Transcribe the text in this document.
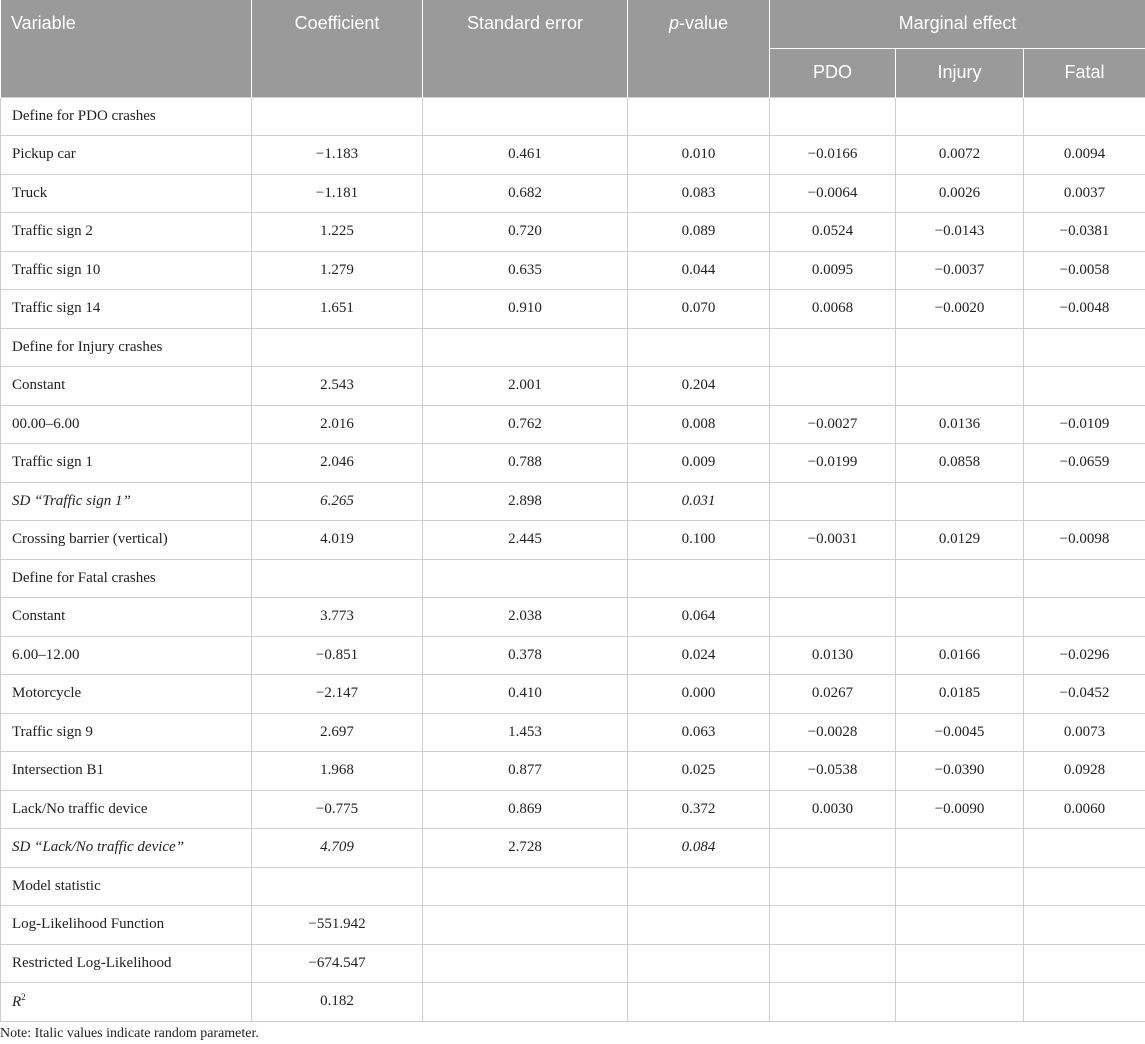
Variable	Coefficient	Standard error	p-value	Marginal effect		
				PDO	Injury	Fatal
Define for PDO crashes						
Pickup car	−1.183	0.461	0.010	−0.0166	0.0072	0.0094
Truck	−1.181	0.682	0.083	−0.0064	0.0026	0.0037
Traffic sign 2	1.225	0.720	0.089	0.0524	−0.0143	−0.0381
Traffic sign 10	1.279	0.635	0.044	0.0095	−0.0037	−0.0058
Traffic sign 14	1.651	0.910	0.070	0.0068	−0.0020	−0.0048
Define for Injury crashes						
Constant	2.543	2.001	0.204			
00.00–6.00	2.016	0.762	0.008	−0.0027	0.0136	−0.0109
Traffic sign 1	2.046	0.788	0.009	−0.0199	0.0858	−0.0659
SD “Traffic sign 1”	6.265	2.898	0.031			
Crossing barrier (vertical)	4.019	2.445	0.100	−0.0031	0.0129	−0.0098
Define for Fatal crashes						
Constant	3.773	2.038	0.064			
6.00–12.00	−0.851	0.378	0.024	0.0130	0.0166	−0.0296
Motorcycle	−2.147	0.410	0.000	0.0267	0.0185	−0.0452
Traffic sign 9	2.697	1.453	0.063	−0.0028	−0.0045	0.0073
Intersection B1	1.968	0.877	0.025	−0.0538	−0.0390	0.0928
Lack/No traffic device	−0.775	0.869	0.372	0.0030	−0.0090	0.0060
SD “Lack/No traffic device”	4.709	2.728	0.084			
Model statistic						
Log-Likelihood Function	−551.942					
Restricted Log-Likelihood	−674.547					
$R^2$	0.182					
Note: Italic values indicate random parameter.
